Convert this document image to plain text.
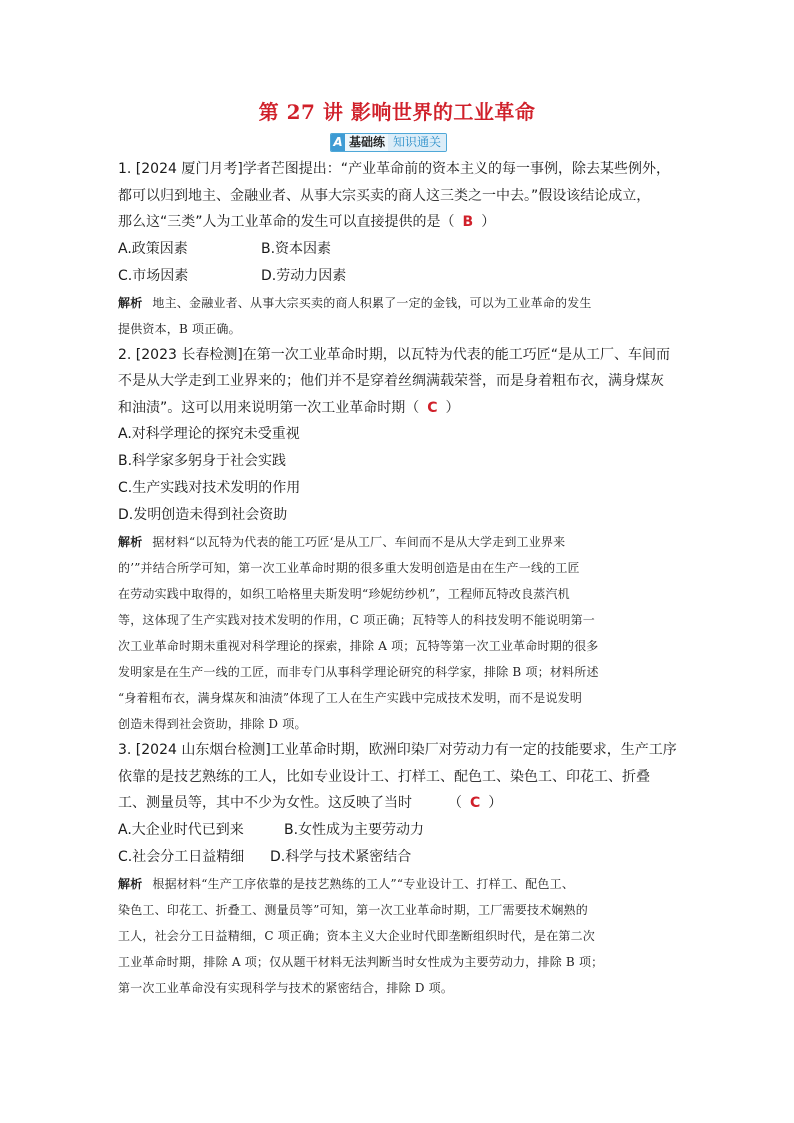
第 27 讲 影响世界的工业革命
A 基础练 知识通关
1. [2024 厦门月考]学者芒图提出：“产业革命前的资本主义的每一事例，除去某些例外，
都可以归到地主、金融业者、从事大宗买卖的商人这三类之一中去。”假设该结论成立，
那么这“三类”人为工业革命的发生可以直接提供的是（ B ）
A.政策因素	B.资本因素
C.市场因素	D.劳动力因素
解析 地主、金融业者、从事大宗买卖的商人积累了一定的金钱，可以为工业革命的发生
提供资本，B 项正确。
2. [2023 长春检测]在第一次工业革命时期，以瓦特为代表的能工巧匠“是从工厂、车间而
不是从大学走到工业界来的；他们并不是穿着丝绸满载荣誉，而是身着粗布衣，满身煤灰
和油渍”。这可以用来说明第一次工业革命时期（ C ）
A.对科学理论的探究未受重视
B.科学家多躬身于社会实践
C.生产实践对技术发明的作用
D.发明创造未得到社会资助
解析 据材料“以瓦特为代表的能工巧匠‘是从工厂、车间而不是从大学走到工业界来
的’”并结合所学可知，第一次工业革命时期的很多重大发明创造是由在生产一线的工匠
在劳动实践中取得的，如织工哈格里夫斯发明“珍妮纺纱机”，工程师瓦特改良蒸汽机
等，这体现了生产实践对技术发明的作用，C 项正确；瓦特等人的科技发明不能说明第一
次工业革命时期未重视对科学理论的探索，排除 A 项；瓦特等第一次工业革命时期的很多
发明家是在生产一线的工匠，而非专门从事科学理论研究的科学家，排除 B 项；材料所述
“身着粗布衣，满身煤灰和油渍”体现了工人在生产实践中完成技术发明，而不是说发明
创造未得到社会资助，排除 D 项。
3. [2024 山东烟台检测]工业革命时期，欧洲印染厂对劳动力有一定的技能要求，生产工序
依靠的是技艺熟练的工人，比如专业设计工、打样工、配色工、染色工、印花工、折叠
工、测量员等，其中不少为女性。这反映了当时	（ C ）
A.大企业时代已到来	B.女性成为主要劳动力
C.社会分工日益精细 D.科学与技术紧密结合
解析 根据材料“生产工序依靠的是技艺熟练的工人”“专业设计工、打样工、配色工、
染色工、印花工、折叠工、测量员等”可知，第一次工业革命时期，工厂需要技术娴熟的
工人，社会分工日益精细，C 项正确；资本主义大企业时代即垄断组织时代，是在第二次
工业革命时期，排除 A 项；仅从题干材料无法判断当时女性成为主要劳动力，排除 B 项；
第一次工业革命没有实现科学与技术的紧密结合，排除 D 项。
